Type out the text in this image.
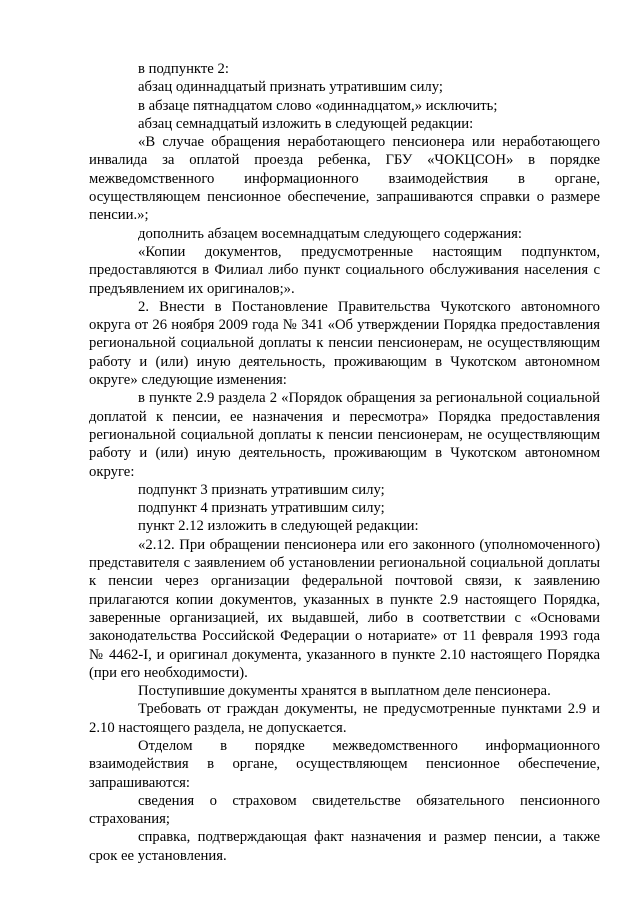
в подпункте 2:

абзац одиннадцатый признать утратившим силу;

в абзаце пятнадцатом слово «одиннадцатом,» исключить;

абзац семнадцатый изложить в следующей редакции:

«В случае обращения неработающего пенсионера или неработающего инвалида за оплатой проезда ребенка, ГБУ «ЧОКЦСОН» в порядке межведомственного информационного взаимодействия в органе, осуществляющем пенсионное обеспечение, запрашиваются справки о размере пенсии.»;

дополнить абзацем восемнадцатым следующего содержания:

«Копии документов, предусмотренные настоящим подпунктом, предоставляются в Филиал либо пункт социального обслуживания населения с предъявлением их оригиналов;».

2. Внести в Постановление Правительства Чукотского автономного округа от 26 ноября 2009 года № 341 «Об утверждении Порядка предоставления региональной социальной доплаты к пенсии пенсионерам, не осуществляющим работу и (или) иную деятельность, проживающим в Чукотском автономном округе» следующие изменения:

в пункте 2.9 раздела 2 «Порядок обращения за региональной социальной доплатой к пенсии, ее назначения и пересмотра» Порядка предоставления региональной социальной доплаты к пенсии пенсионерам, не осуществляющим работу и (или) иную деятельность, проживающим в Чукотском автономном округе:

подпункт 3 признать утратившим силу;

подпункт 4 признать утратившим силу;

пункт 2.12 изложить в следующей редакции:

«2.12. При обращении пенсионера или его законного (уполномоченного) представителя с заявлением об установлении региональной социальной доплаты к пенсии через организации федеральной почтовой связи, к заявлению прилагаются копии документов, указанных в пункте 2.9 настоящего Порядка, заверенные организацией, их выдавшей, либо в соответствии с «Основами законодательства Российской Федерации о нотариате» от 11 февраля 1993 года № 4462-I, и оригинал документа, указанного в пункте 2.10 настоящего Порядка (при его необходимости).

Поступившие документы хранятся в выплатном деле пенсионера.

Требовать от граждан документы, не предусмотренные пунктами 2.9 и 2.10 настоящего раздела, не допускается.

Отделом в порядке межведомственного информационного взаимодействия в органе, осуществляющем пенсионное обеспечение, запрашиваются:

сведения о страховом свидетельстве обязательного пенсионного страхования;

справка, подтверждающая факт назначения и размер пенсии, а также срок ее установления.
